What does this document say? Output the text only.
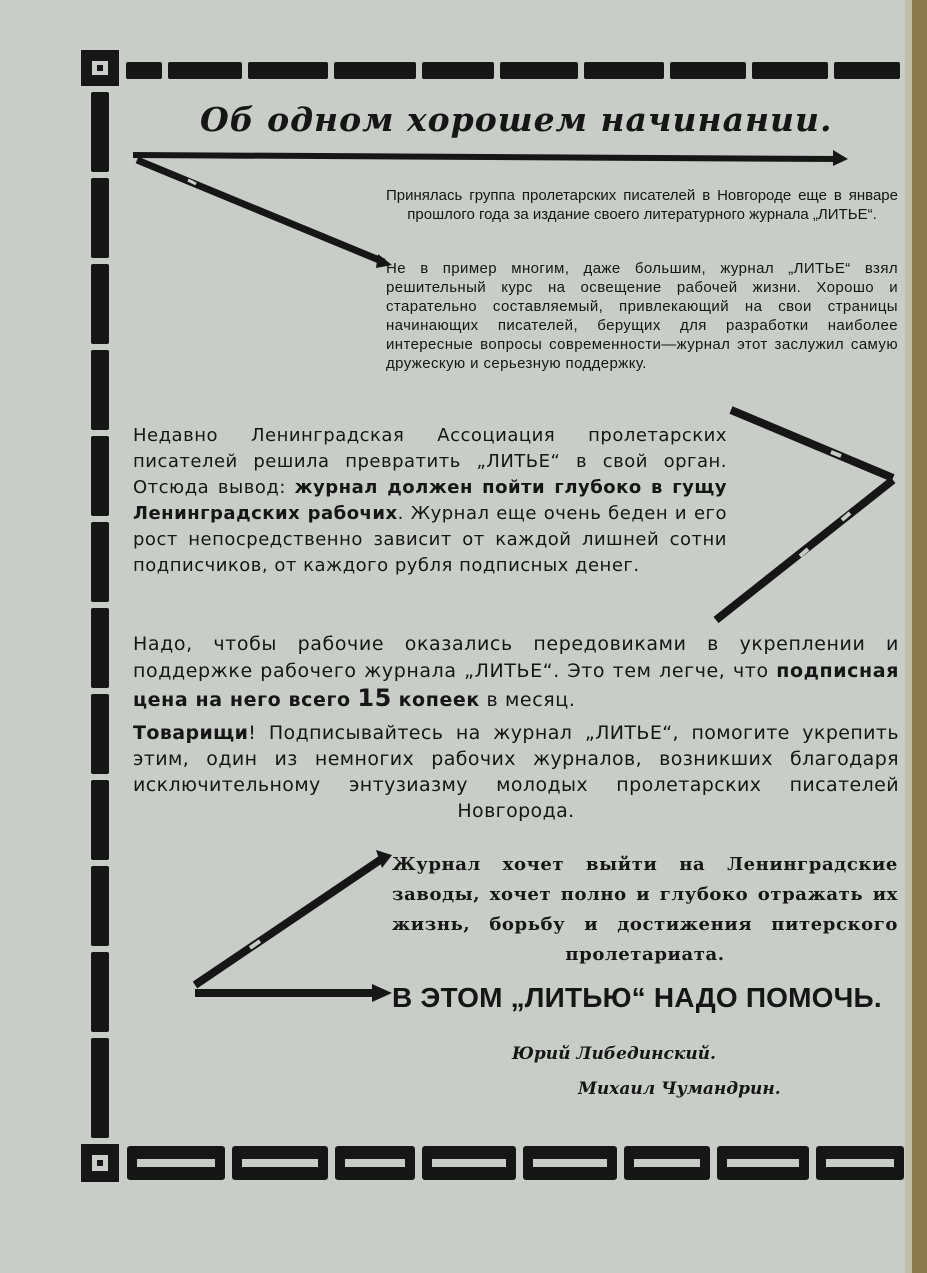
Об одном хорошем начинании.

Принялась группа пролетарских писателей в Новгороде еще в январе прошлого года за издание своего литературного журнала „ЛИТЬЕ“.

Не в пример многим, даже большим, журнал „ЛИТЬЕ“ взял решительный курс на освещение рабочей жизни. Хорошо и старательно составляемый, привлекающий на свои страницы начинающих писателей, берущих для разработки наиболее интересные вопросы современности—журнал этот заслужил самую дружескую и серьезную поддержку.

Недавно Ленинградская Ассоциация пролетарских писателей решила превратить „ЛИТЬЕ“ в свой орган. Отсюда вывод: журнал должен пойти глубоко в гущу Ленинградских рабочих. Журнал еще очень беден и его рост непосредственно зависит от каждой лишней сотни подписчиков, от каждого рубля подписных денег.

Надо, чтобы рабочие оказались передовиками в укреплении и поддержке рабочего журнала „ЛИТЬЕ“. Это тем легче, что подписная цена на него всего 15 копеек в месяц.

Товарищи! Подписывайтесь на журнал „ЛИТЬЕ“, помогите укрепить этим, один из немногих рабочих журналов, возникших благодаря исключительному энтузиазму молодых пролетарских писателей Новгорода.

Журнал хочет выйти на Ленинградские заводы, хочет полно и глубоко отражать их жизнь, борьбу и достижения питерского пролетариата.

В ЭТОМ „ЛИТЬЮ“ НАДО ПОМОЧЬ.

Юрий Либединский.

Михаил Чумандрин.
